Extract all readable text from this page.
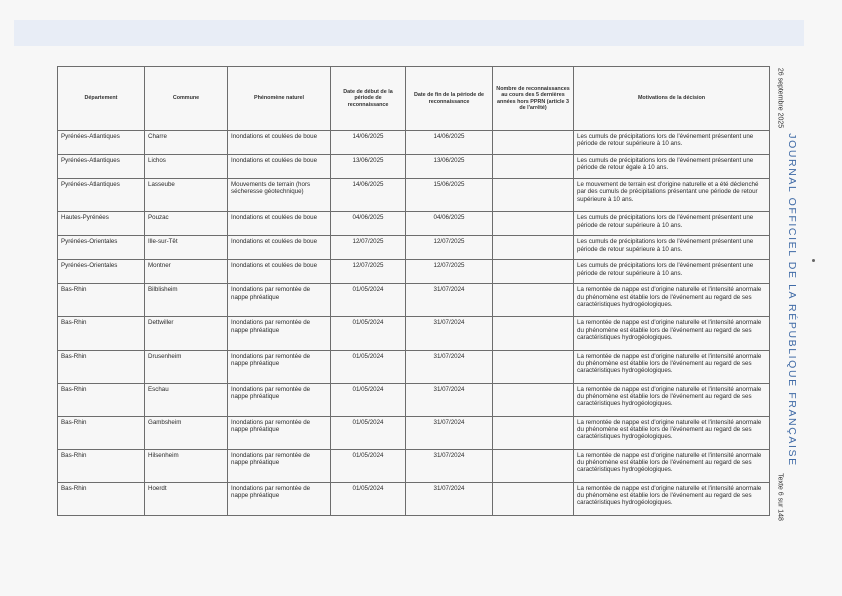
Département	Commune	Phénomène naturel	Date de début de la période de reconnaissance	Date de fin de la période de reconnaissance	Nombre de reconnaissances au cours des 5 dernières années hors PPRN (article 3 de l'arrêté)	Motivations de la décision
Pyrénées-Atlantiques	Charre	Inondations et coulées de boue	14/06/2025	14/06/2025		Les cumuls de précipitations lors de l'événement présentent une période de retour supérieure à 10 ans.
Pyrénées-Atlantiques	Lichos	Inondations et coulées de boue	13/06/2025	13/06/2025		Les cumuls de précipitations lors de l'événement présentent une période de retour égale à 10 ans.
Pyrénées-Atlantiques	Lasseube	Mouvements de terrain (hors sécheresse géotechnique)	14/06/2025	15/06/2025		Le mouvement de terrain est d'origine naturelle et a été déclenché par des cumuls de précipitations présentant une période de retour supérieure à 10 ans.
Hautes-Pyrénées	Pouzac	Inondations et coulées de boue	04/06/2025	04/06/2025		Les cumuls de précipitations lors de l'événement présentent une période de retour supérieure à 10 ans.
Pyrénées-Orientales	Ille-sur-Têt	Inondations et coulées de boue	12/07/2025	12/07/2025		Les cumuls de précipitations lors de l'événement présentent une période de retour supérieure à 10 ans.
Pyrénées-Orientales	Montner	Inondations et coulées de boue	12/07/2025	12/07/2025		Les cumuls de précipitations lors de l'événement présentent une période de retour supérieure à 10 ans.
Bas-Rhin	Bilblisheim	Inondations par remontée de nappe phréatique	01/05/2024	31/07/2024		La remontée de nappe est d'origine naturelle et l'intensité anormale du phénomène est établie lors de l'événement au regard de ses caractéristiques hydrogéologiques.
Bas-Rhin	Dettwiller	Inondations par remontée de nappe phréatique	01/05/2024	31/07/2024		La remontée de nappe est d'origine naturelle et l'intensité anormale du phénomène est établie lors de l'événement au regard de ses caractéristiques hydrogéologiques.
Bas-Rhin	Drusenheim	Inondations par remontée de nappe phréatique	01/05/2024	31/07/2024		La remontée de nappe est d'origine naturelle et l'intensité anormale du phénomène est établie lors de l'événement au regard de ses caractéristiques hydrogéologiques.
Bas-Rhin	Eschau	Inondations par remontée de nappe phréatique	01/05/2024	31/07/2024		La remontée de nappe est d'origine naturelle et l'intensité anormale du phénomène est établie lors de l'événement au regard de ses caractéristiques hydrogéologiques.
Bas-Rhin	Gambsheim	Inondations par remontée de nappe phréatique	01/05/2024	31/07/2024		La remontée de nappe est d'origine naturelle et l'intensité anormale du phénomène est établie lors de l'événement au regard de ses caractéristiques hydrogéologiques.
Bas-Rhin	Hilsenheim	Inondations par remontée de nappe phréatique	01/05/2024	31/07/2024		La remontée de nappe est d'origine naturelle et l'intensité anormale du phénomène est établie lors de l'événement au regard de ses caractéristiques hydrogéologiques.
Bas-Rhin	Hoerdt	Inondations par remontée de nappe phréatique	01/05/2024	31/07/2024		La remontée de nappe est d'origine naturelle et l'intensité anormale du phénomène est établie lors de l'événement au regard de ses caractéristiques hydrogéologiques.
JOURNAL OFFICIEL DE LA RÉPUBLIQUE FRANÇAISE
26 septembre 2025
Texte 6 sur 148
